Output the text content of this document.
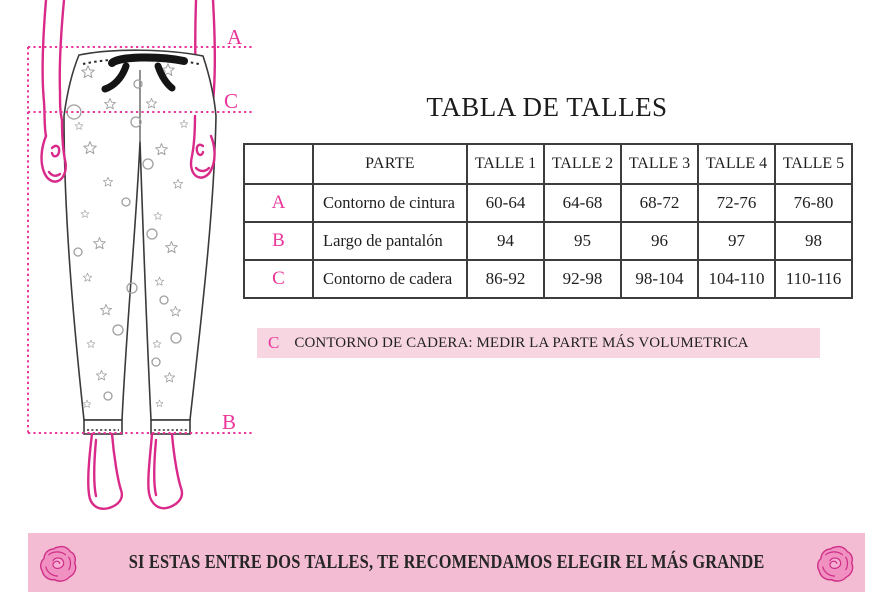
A
C
B
TABLA DE TALLES
	PARTE	TALLE 1	TALLE 2	TALLE 3	TALLE 4	TALLE 5
A	Contorno de cintura	60-64	64-68	68-72	72-76	76-80
B	Largo de pantalón	94	95	96	97	98
C	Contorno de cadera	86-92	92-98	98-104	104-110	110-116
C CONTORNO DE CADERA: MEDIR LA PARTE MÁS VOLUMETRICA
SI ESTAS ENTRE DOS TALLES, TE RECOMENDAMOS ELEGIR EL MÁS GRANDE
